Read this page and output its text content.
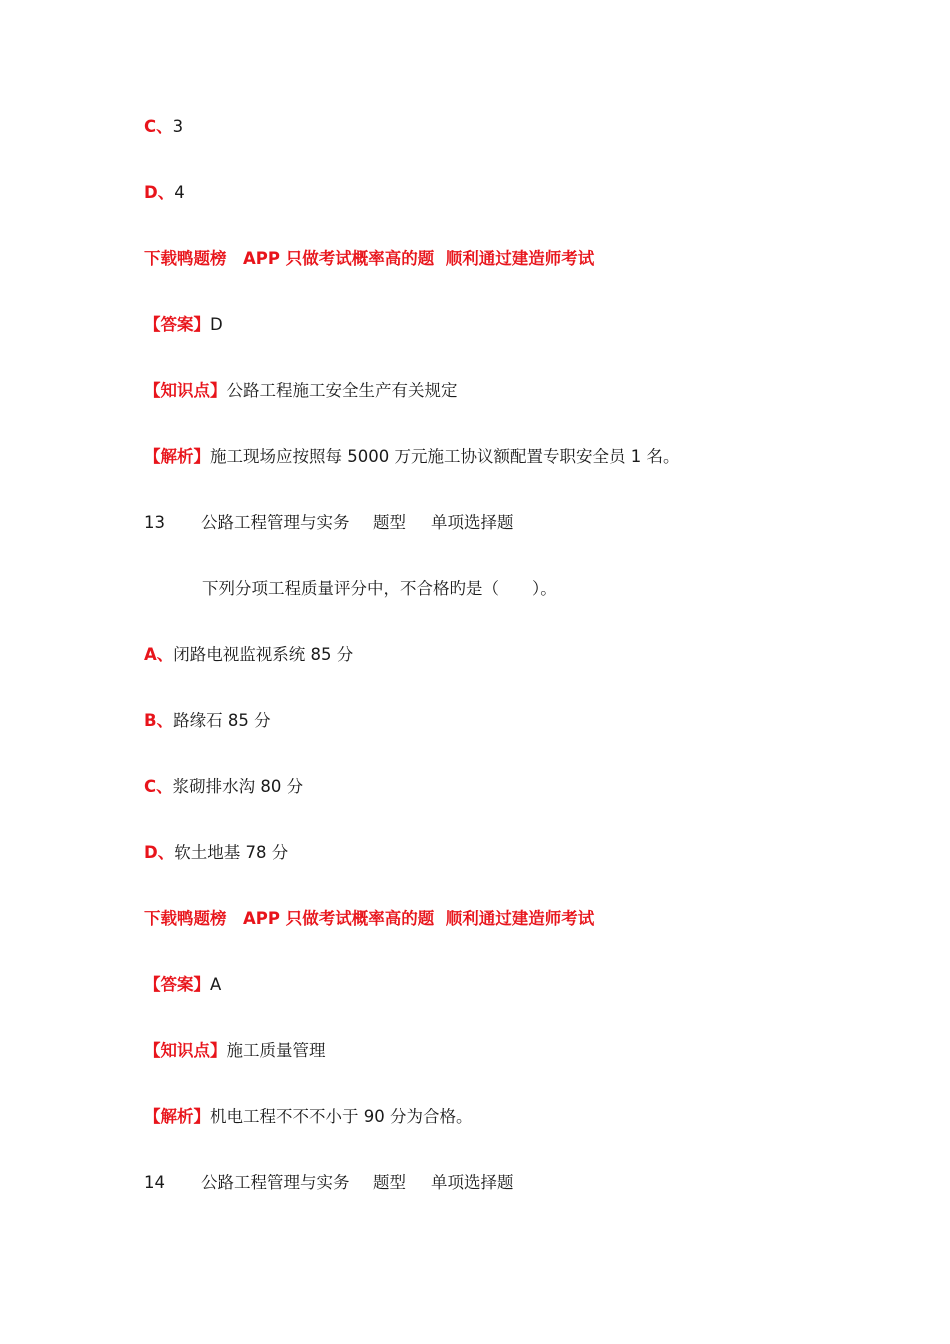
C、3
D、4
下载鸭题榜　APP 只做考试概率高的题  顺利通过建造师考试
【答案】D
【知识点】公路工程施工安全生产有关规定
【解析】施工现场应按照每 5000 万元施工协议额配置专职安全员 1 名。
13 公路工程管理与实务 题型 单项选择题
下列分项工程质量评分中，不合格旳是（　　）。
A、闭路电视监视系统 85 分
B、路缘石 85 分
C、浆砌排水沟 80 分
D、软土地基 78 分
下载鸭题榜　APP 只做考试概率高的题  顺利通过建造师考试
【答案】A
【知识点】施工质量管理
【解析】机电工程不不不小于 90 分为合格。
14 公路工程管理与实务 题型 单项选择题
